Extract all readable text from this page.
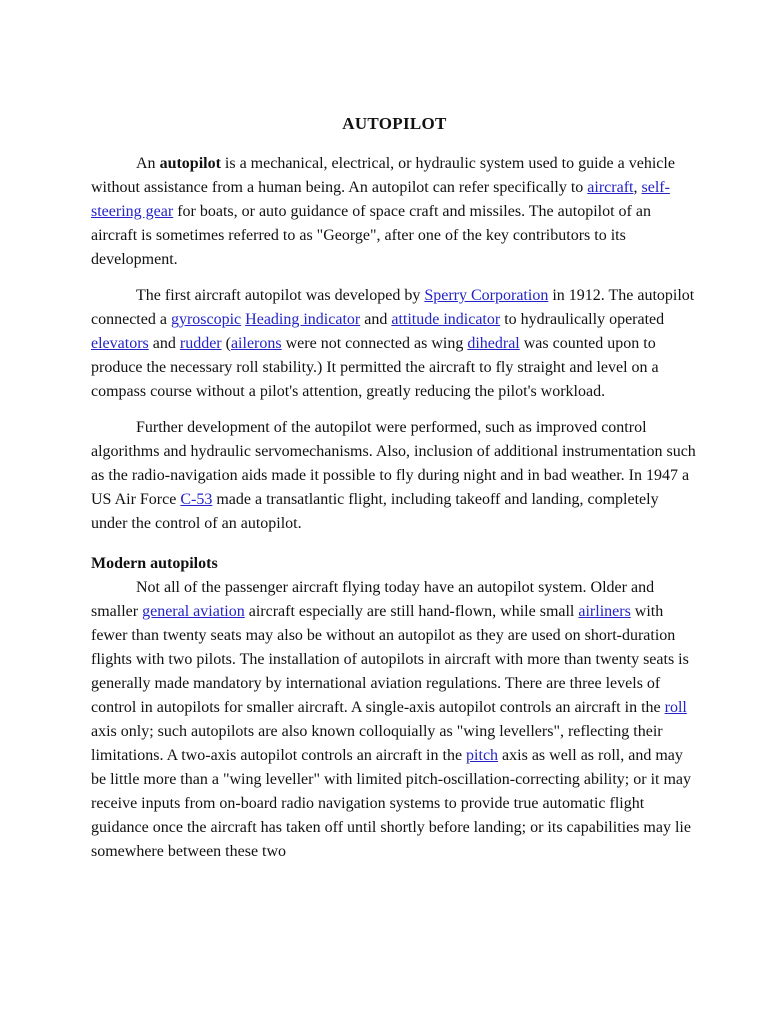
AUTOPILOT

An autopilot is a mechanical, electrical, or hydraulic system used to guide a vehicle without assistance from a human being. An autopilot can refer specifically to aircraft, self-steering gear for boats, or auto guidance of space craft and missiles. The autopilot of an aircraft is sometimes referred to as "George", after one of the key contributors to its development.

The first aircraft autopilot was developed by Sperry Corporation in 1912. The autopilot connected a gyroscopic Heading indicator and attitude indicator to hydraulically operated elevators and rudder (ailerons were not connected as wing dihedral was counted upon to produce the necessary roll stability.) It permitted the aircraft to fly straight and level on a compass course without a pilot's attention, greatly reducing the pilot's workload.

Further development of the autopilot were performed, such as improved control algorithms and hydraulic servomechanisms. Also, inclusion of additional instrumentation such as the radio-navigation aids made it possible to fly during night and in bad weather. In 1947 a US Air Force C-53 made a transatlantic flight, including takeoff and landing, completely under the control of an autopilot.

Modern autopilots

Not all of the passenger aircraft flying today have an autopilot system. Older and smaller general aviation aircraft especially are still hand-flown, while small airliners with fewer than twenty seats may also be without an autopilot as they are used on short-duration flights with two pilots. The installation of autopilots in aircraft with more than twenty seats is generally made mandatory by international aviation regulations. There are three levels of control in autopilots for smaller aircraft. A single-axis autopilot controls an aircraft in the roll axis only; such autopilots are also known colloquially as "wing levellers", reflecting their limitations. A two-axis autopilot controls an aircraft in the pitch axis as well as roll, and may be little more than a "wing leveller" with limited pitch-oscillation-correcting ability; or it may receive inputs from on-board radio navigation systems to provide true automatic flight guidance once the aircraft has taken off until shortly before landing; or its capabilities may lie somewhere between these two
